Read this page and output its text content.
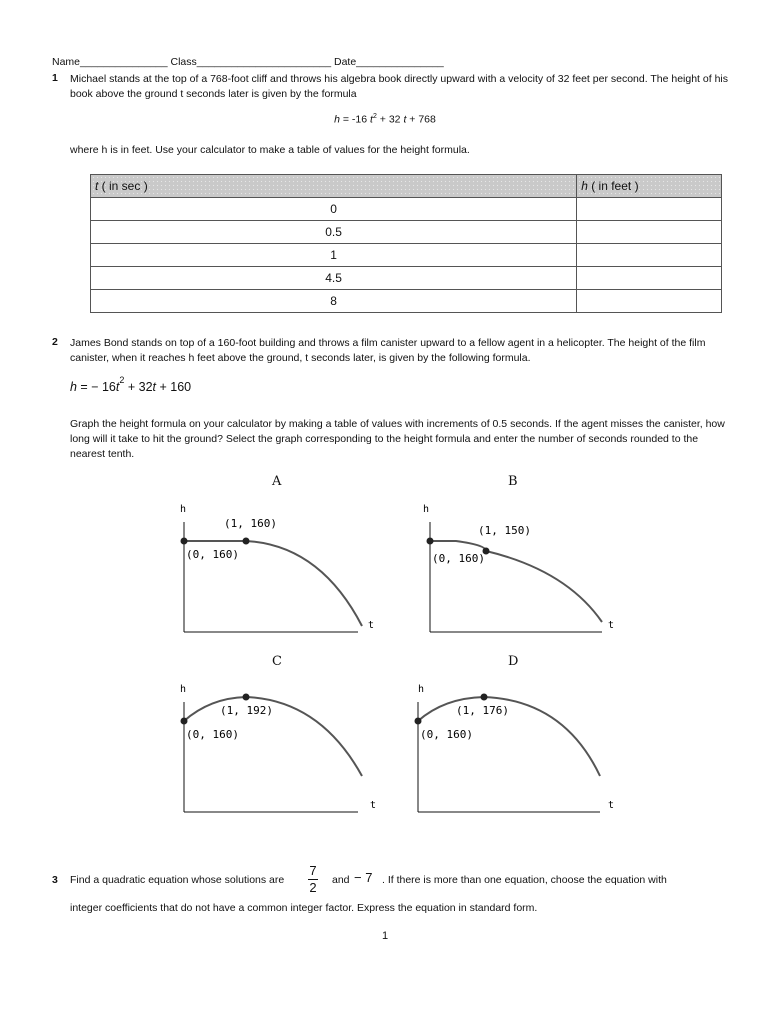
Name_______________ Class_______________________ Date_______________
1 Michael stands at the top of a 768-foot cliff and throws his algebra book directly upward with a velocity of 32 feet per second. The height of his book above the ground t seconds later is given by the formula
h = -16 $t^2 + 32$ t + 768
where h is in feet. Use your calculator to make a table of values for the height formula.
t ( in sec )	h ( in feet )
0	
0.5	
1	
4.5	
8	
2 James Bond stands on top of a 160-foot building and throws a film canister upward to a fellow agent in a helicopter. The height of the film canister, when it reaches h feet above the ground, t seconds later, is given by the following formula.
h = − $16t^2 + 32t + 160$
Graph the height formula on your calculator by making a table of values with increments of 0.5 seconds. If the agent misses the canister, how long will it take to hit the ground? Select the graph corresponding to the height formula and enter the number of seconds rounded to the nearest tenth.
A
h
t
(1, 160)
(0, 160)
B
h
t
(1, 150)
(0, 160)
C
h
t
(1, 192)
(0, 160)
D
h
t
(1, 176)
(0, 160)
3 Find a quadratic equation whose solutions are
7
2	and − 7 . If there is more than one equation, choose the equation with
integer coefficients that do not have a common integer factor. Express the equation in standard form.
1
